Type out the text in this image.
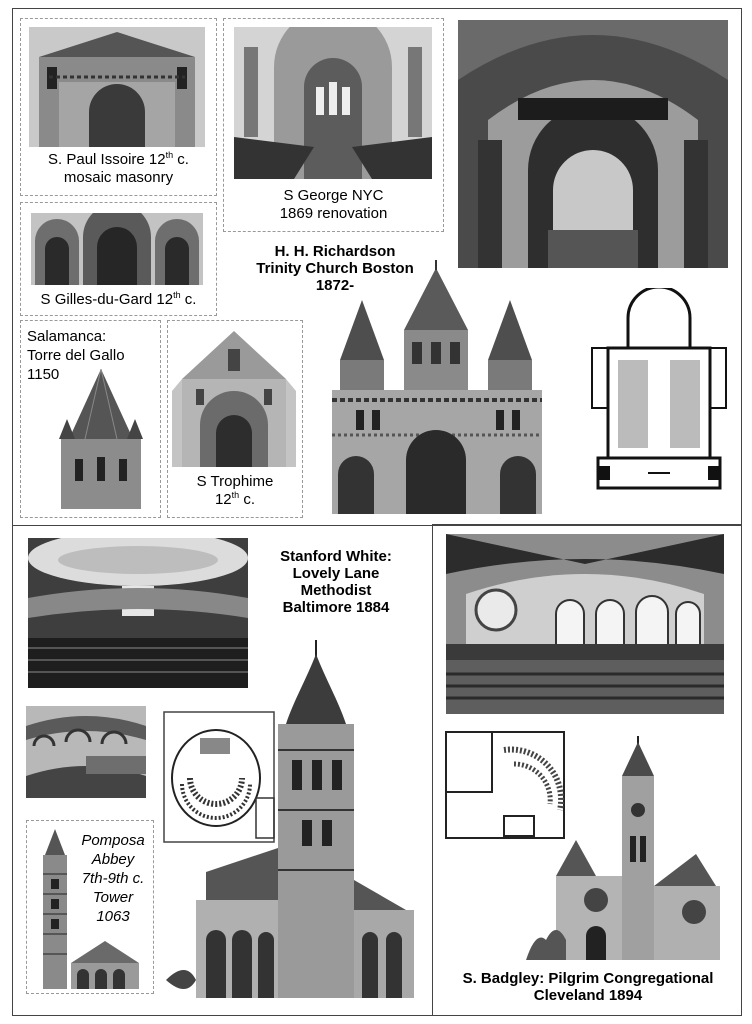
S. Paul Issoire 12th c.
mosaic masonry
S George NYC
1869 renovation
S Gilles-du-Gard 12th c.
Salamanca:
Torre del Gallo
1150
S Trophime
12th c.
H. H. Richardson
Trinity Church Boston
1872-
Stanford White:
Lovely Lane
Methodist
Baltimore 1884
Pomposa
Abbey
7th-9th c.
Tower
1063
S. Badgley: Pilgrim Congregational
Cleveland 1894
